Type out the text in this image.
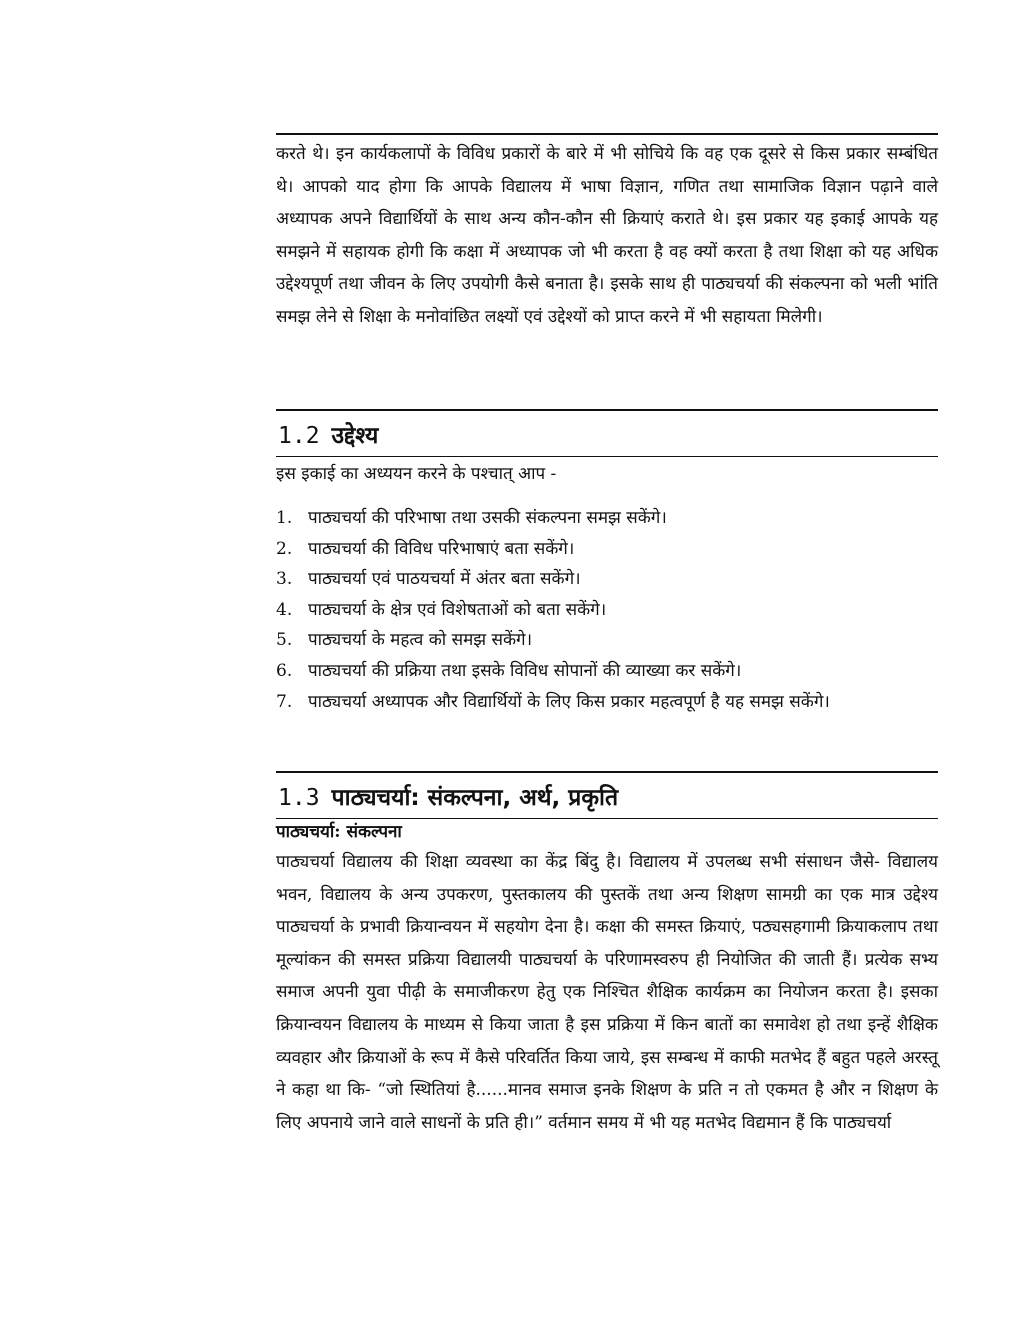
करते थे। इन कार्यकलापों के विविध प्रकारों के बारे में भी सोचिये कि वह एक दूसरे से किस प्रकार सम्बंधित थे। आपको याद होगा कि आपके विद्यालय में भाषा विज्ञान, गणित तथा सामाजिक विज्ञान पढ़ाने वाले अध्यापक अपने विद्यार्थियों के साथ अन्य कौन-कौन सी क्रियाएं कराते थे। इस प्रकार यह इकाई आपके यह समझने में सहायक होगी कि कक्षा में अध्यापक जो भी करता है वह क्यों करता है तथा शिक्षा को यह अधिक उद्देश्यपूर्ण तथा जीवन के लिए उपयोगी कैसे बनाता है। इसके साथ ही पाठ्यचर्या की संकल्पना को भली भांति समझ लेने से शिक्षा के मनोवांछित लक्ष्यों एवं उद्देश्यों को प्राप्त करने में भी सहायता मिलेगी।

1.2 उद्देश्य

इस इकाई का अध्ययन करने के पश्चात् आप -

1. पाठ्यचर्या की परिभाषा तथा उसकी संकल्पना समझ सकेंगे।
2. पाठ्यचर्या की विविध परिभाषाएं बता सकेंगे।
3. पाठ्यचर्या एवं पाठयचर्या में अंतर बता सकेंगे।
4. पाठ्यचर्या के क्षेत्र एवं विशेषताओं को बता सकेंगे।
5. पाठ्यचर्या के महत्व को समझ सकेंगे।
6. पाठ्यचर्या की प्रक्रिया तथा इसके विविध सोपानों की व्याख्या कर सकेंगे।
7. पाठ्यचर्या अध्यापक और विद्यार्थियों के लिए किस प्रकार महत्वपूर्ण है यह समझ सकेंगे।
1.3 पाठ्यचर्या: संकल्पना, अर्थ, प्रकृति

पाठ्यचर्या: संकल्पना

पाठ्यचर्या विद्यालय की शिक्षा व्यवस्था का केंद्र बिंदु है। विद्यालय में उपलब्ध सभी संसाधन जैसे- विद्यालय भवन, विद्यालय के अन्य उपकरण, पुस्तकालय की पुस्तकें तथा अन्य शिक्षण सामग्री का एक मात्र उद्देश्य पाठ्यचर्या के प्रभावी क्रियान्वयन में सहयोग देना है। कक्षा की समस्त क्रियाएं, पठ्यसहगामी क्रियाकलाप तथा मूल्यांकन की समस्त प्रक्रिया विद्यालयी पाठ्यचर्या के परिणामस्वरुप ही नियोजित की जाती हैं। प्रत्येक सभ्य समाज अपनी युवा पीढ़ी के समाजीकरण हेतु एक निश्चित शैक्षिक कार्यक्रम का नियोजन करता है। इसका क्रियान्वयन विद्यालय के माध्यम से किया जाता है इस प्रक्रिया में किन बातों का समावेश हो तथा इन्हें शैक्षिक व्यवहार और क्रियाओं के रूप में कैसे परिवर्तित किया जाये, इस सम्बन्ध में काफी मतभेद हैं बहुत पहले अरस्तू ने कहा था कि- “जो स्थितियां है......मानव समाज इनके शिक्षण के प्रति न तो एकमत है और न शिक्षण के लिए अपनाये जाने वाले साधनों के प्रति ही।” वर्तमान समय में भी यह मतभेद विद्यमान हैं कि पाठ्यचर्या
